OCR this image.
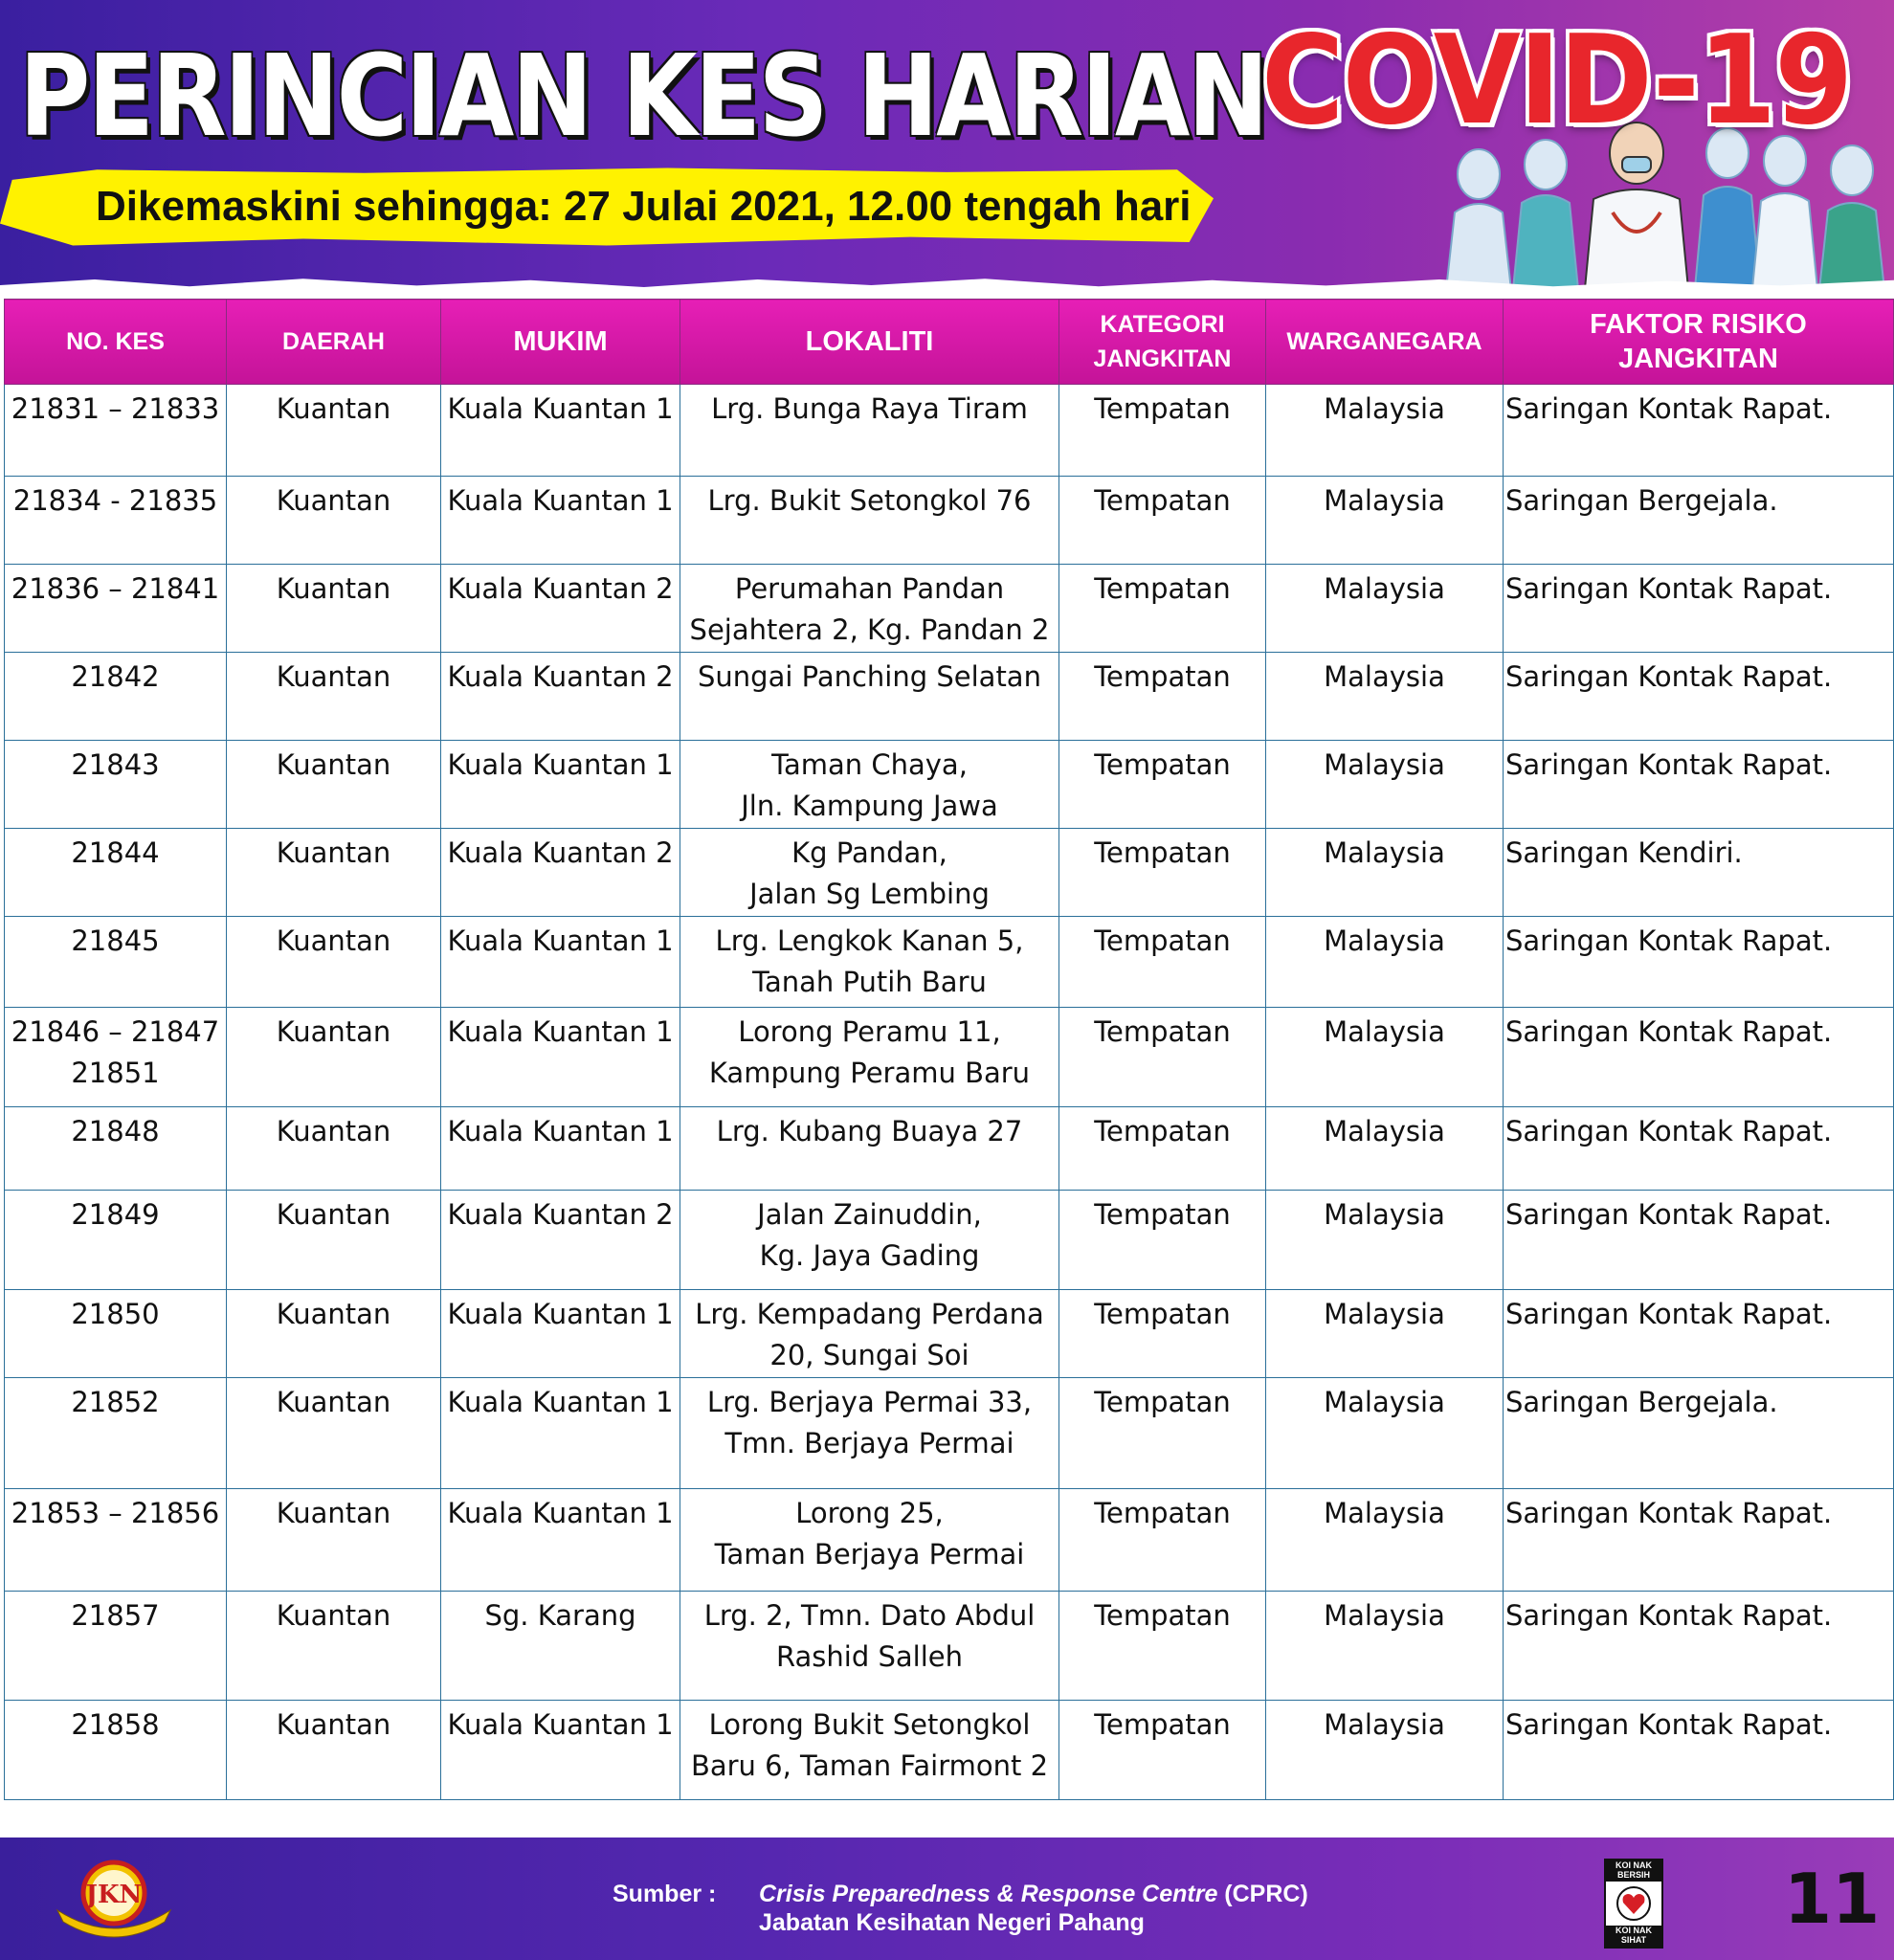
PERINCIAN KES HARIAN
COVID-19
Dikemaskini sehingga: 27 Julai 2021, 12.00 tengah hari
NO. KES	DAERAH	MUKIM	LOKALITI	KATEGORI JANGKITAN	WARGANEGARA	FAKTOR RISIKO JANGKITAN
21831 – 21833	Kuantan	Kuala Kuantan 1	Lrg. Bunga Raya Tiram	Tempatan	Malaysia	Saringan Kontak Rapat.
21834 - 21835	Kuantan	Kuala Kuantan 1	Lrg. Bukit Setongkol 76	Tempatan	Malaysia	Saringan Bergejala.
21836 – 21841	Kuantan	Kuala Kuantan 2	Perumahan Pandan
Sejahtera 2, Kg. Pandan 2	Tempatan	Malaysia	Saringan Kontak Rapat.
21842	Kuantan	Kuala Kuantan 2	Sungai Panching Selatan	Tempatan	Malaysia	Saringan Kontak Rapat.
21843	Kuantan	Kuala Kuantan 1	Taman Chaya,
Jln. Kampung Jawa	Tempatan	Malaysia	Saringan Kontak Rapat.
21844	Kuantan	Kuala Kuantan 2	Kg Pandan,
Jalan Sg Lembing	Tempatan	Malaysia	Saringan Kendiri.
21845	Kuantan	Kuala Kuantan 1	Lrg. Lengkok Kanan 5,
Tanah Putih Baru	Tempatan	Malaysia	Saringan Kontak Rapat.
21846 – 21847
21851	Kuantan	Kuala Kuantan 1	Lorong Peramu 11,
Kampung Peramu Baru	Tempatan	Malaysia	Saringan Kontak Rapat.
21848	Kuantan	Kuala Kuantan 1	Lrg. Kubang Buaya 27	Tempatan	Malaysia	Saringan Kontak Rapat.
21849	Kuantan	Kuala Kuantan 2	Jalan Zainuddin,
Kg. Jaya Gading	Tempatan	Malaysia	Saringan Kontak Rapat.
21850	Kuantan	Kuala Kuantan 1	Lrg. Kempadang Perdana
20, Sungai Soi	Tempatan	Malaysia	Saringan Kontak Rapat.
21852	Kuantan	Kuala Kuantan 1	Lrg. Berjaya Permai 33,
Tmn. Berjaya Permai	Tempatan	Malaysia	Saringan Bergejala.
21853 – 21856	Kuantan	Kuala Kuantan 1	Lorong 25,
Taman Berjaya Permai	Tempatan	Malaysia	Saringan Kontak Rapat.
21857	Kuantan	Sg. Karang	Lrg. 2, Tmn. Dato Abdul
Rashid Salleh	Tempatan	Malaysia	Saringan Kontak Rapat.
21858	Kuantan	Kuala Kuantan 1	Lorong Bukit Setongkol
Baru 6, Taman Fairmont 2	Tempatan	Malaysia	Saringan Kontak Rapat.
JKN	Sumber : Crisis Preparedness & Response Centre (CPRC)
Jabatan Kesihatan Negeri Pahang
KOI NAK BERSIH
KOI NAK SIHAT
11
